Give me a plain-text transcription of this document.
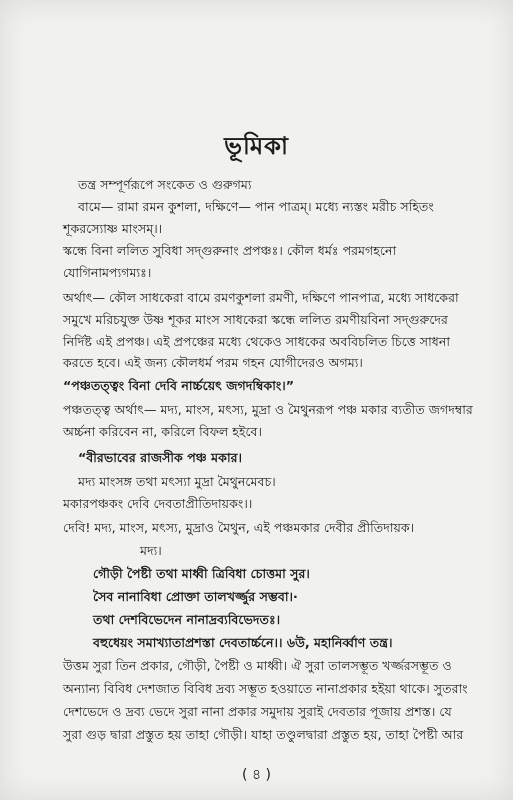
ভূমিকা
তন্ত্র সম্পূর্ণরূপে সংকেত ও গুরুগম্য
বামে— রামা রমন কুশলা, দক্ষিণে— পান পাত্রম্। মধ্যে ন্যস্তং মরীচ সহিতং
শূকরস্যোষ্ণ মাংসম্।।
স্কন্ধে বিনা ললিত সুবিধা সদ্গুরুনাং প্রপঞ্চঃ। কৌল ধর্মঃ পরমগহনো
যোগিনামপ্যগম্যঃ।
অর্থাৎ— কৌল সাধকেরা বামে রমণকুশলা রমণী, দক্ষিণে পানপাত্র, মধ্যে সাধকেরা
সমুখে মরিচযুক্ত উষ্ণ শূকর মাংস সাধকেরা স্কন্ধে ললিত রমণীয়বিনা সদ্গুরুদের
নির্দিষ্ট এই প্রপঞ্চ। এই প্রপঞ্চের মধ্যে থেকেও সাধকের অববিচলিত চিত্তে সাধনা
করতে হবে। এই জন্য কৌলধর্ম পরম গহন যোগীদেরও অগম্য।
“পঞ্চতত্ত্বং বিনা দেবি নার্চ্চয়েৎ জগদম্বিকাং।”
পঞ্চতত্ত্ব অর্থাৎ— মদ্য, মাংস, মৎস্য, মুদ্রা ও মৈথুনরূপ পঞ্চ মকার ব্যতীত জগদম্বার
অর্চ্চনা করিবেন না, করিলে বিফল হইবে।
“বীরভাবের রাজসীক পঞ্চ মকার।
মদ্য মাংসঙ্গ তথা মৎস্যা মুদ্রা মৈথুনমেবচ।
মকারপঞ্চকং দেবি দেবতাপ্রীতিদায়কং।।
দেবি! মদ্য, মাংস, মৎস্য, মুদ্রাও মৈথুন, এই পঞ্চমকার দেবীর প্রীতিদায়ক।
মদ্য।
গৌড়ী পৈষ্টী তথা মাধ্বী ত্রিবিধা চোত্তমা সুর।
সৈব নানাবিধা প্রোক্তা তালখর্জ্জুর সম্ভবা।·
তথা দেশবিভেদেন নানাদ্রব্যবিভেদতঃ।
বহুধেয়ং সমাখ্যাতাপ্রশস্তা দেবতার্চ্চনে।। ৬উ, মহানির্ব্বাণ তন্ত্র।
উত্তম সুরা তিন প্রকার, গৌড়ী, পৈষ্টী ও মাধ্বী। ঐ সুরা তালসম্ভূত খর্জ্জরসম্ভূত ও
অন্যান্য বিবিধ দেশজাত বিবিধ দ্রব্য সম্ভূত হওয়াতে নানাপ্রকার হইয়া থাকে। সুতরাং
দেশভেদে ও দ্রব্য ভেদে সুরা নানা প্রকার সমুদায় সুরাই দেবতার পূজায় প্রশস্ত। যে
সুরা গুড় দ্বারা প্রস্তুত হয় তাহা গৌড়ী। যাহা তণ্ডুলদ্বারা প্রস্তুত হয়, তাহা পৈষ্টী আর
( ৪ )
